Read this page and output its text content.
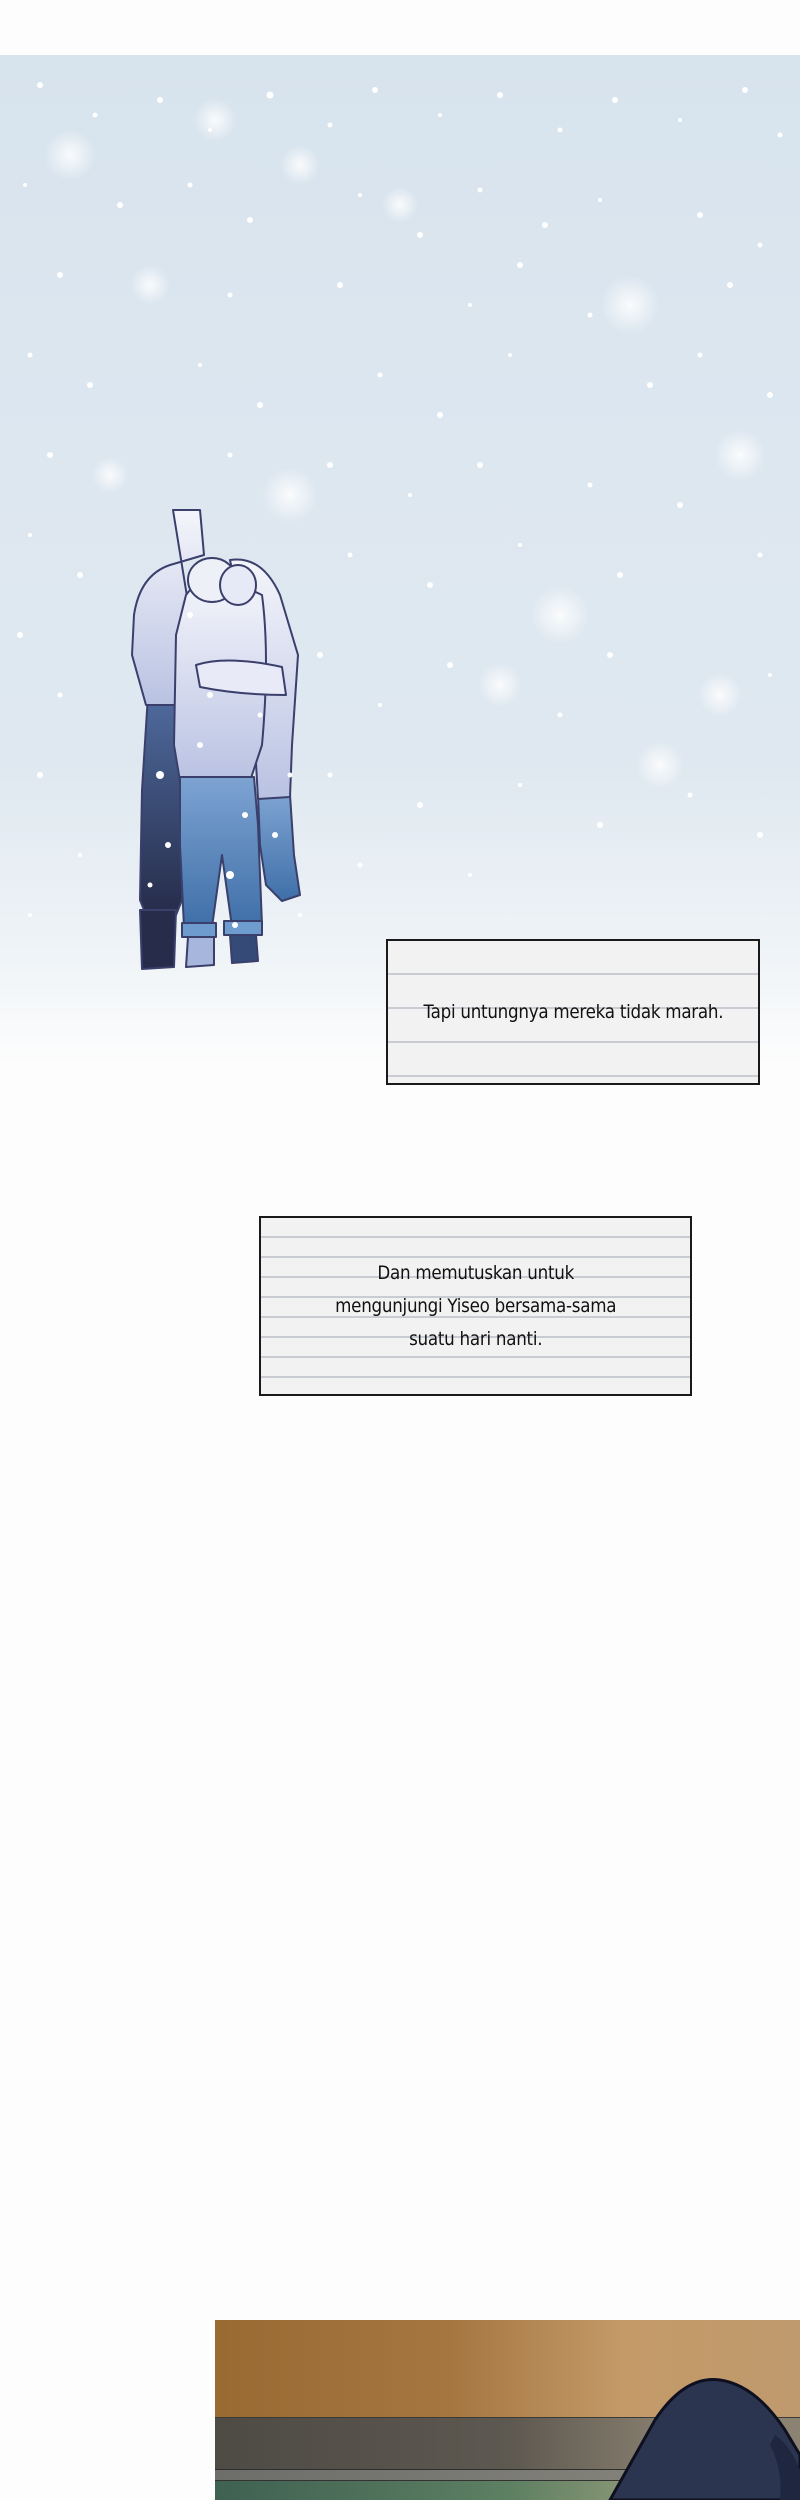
Tapi untungnya mereka tidak marah.
Dan memutuskan untuk
mengunjungi Yiseo bersama-sama
suatu hari nanti.
